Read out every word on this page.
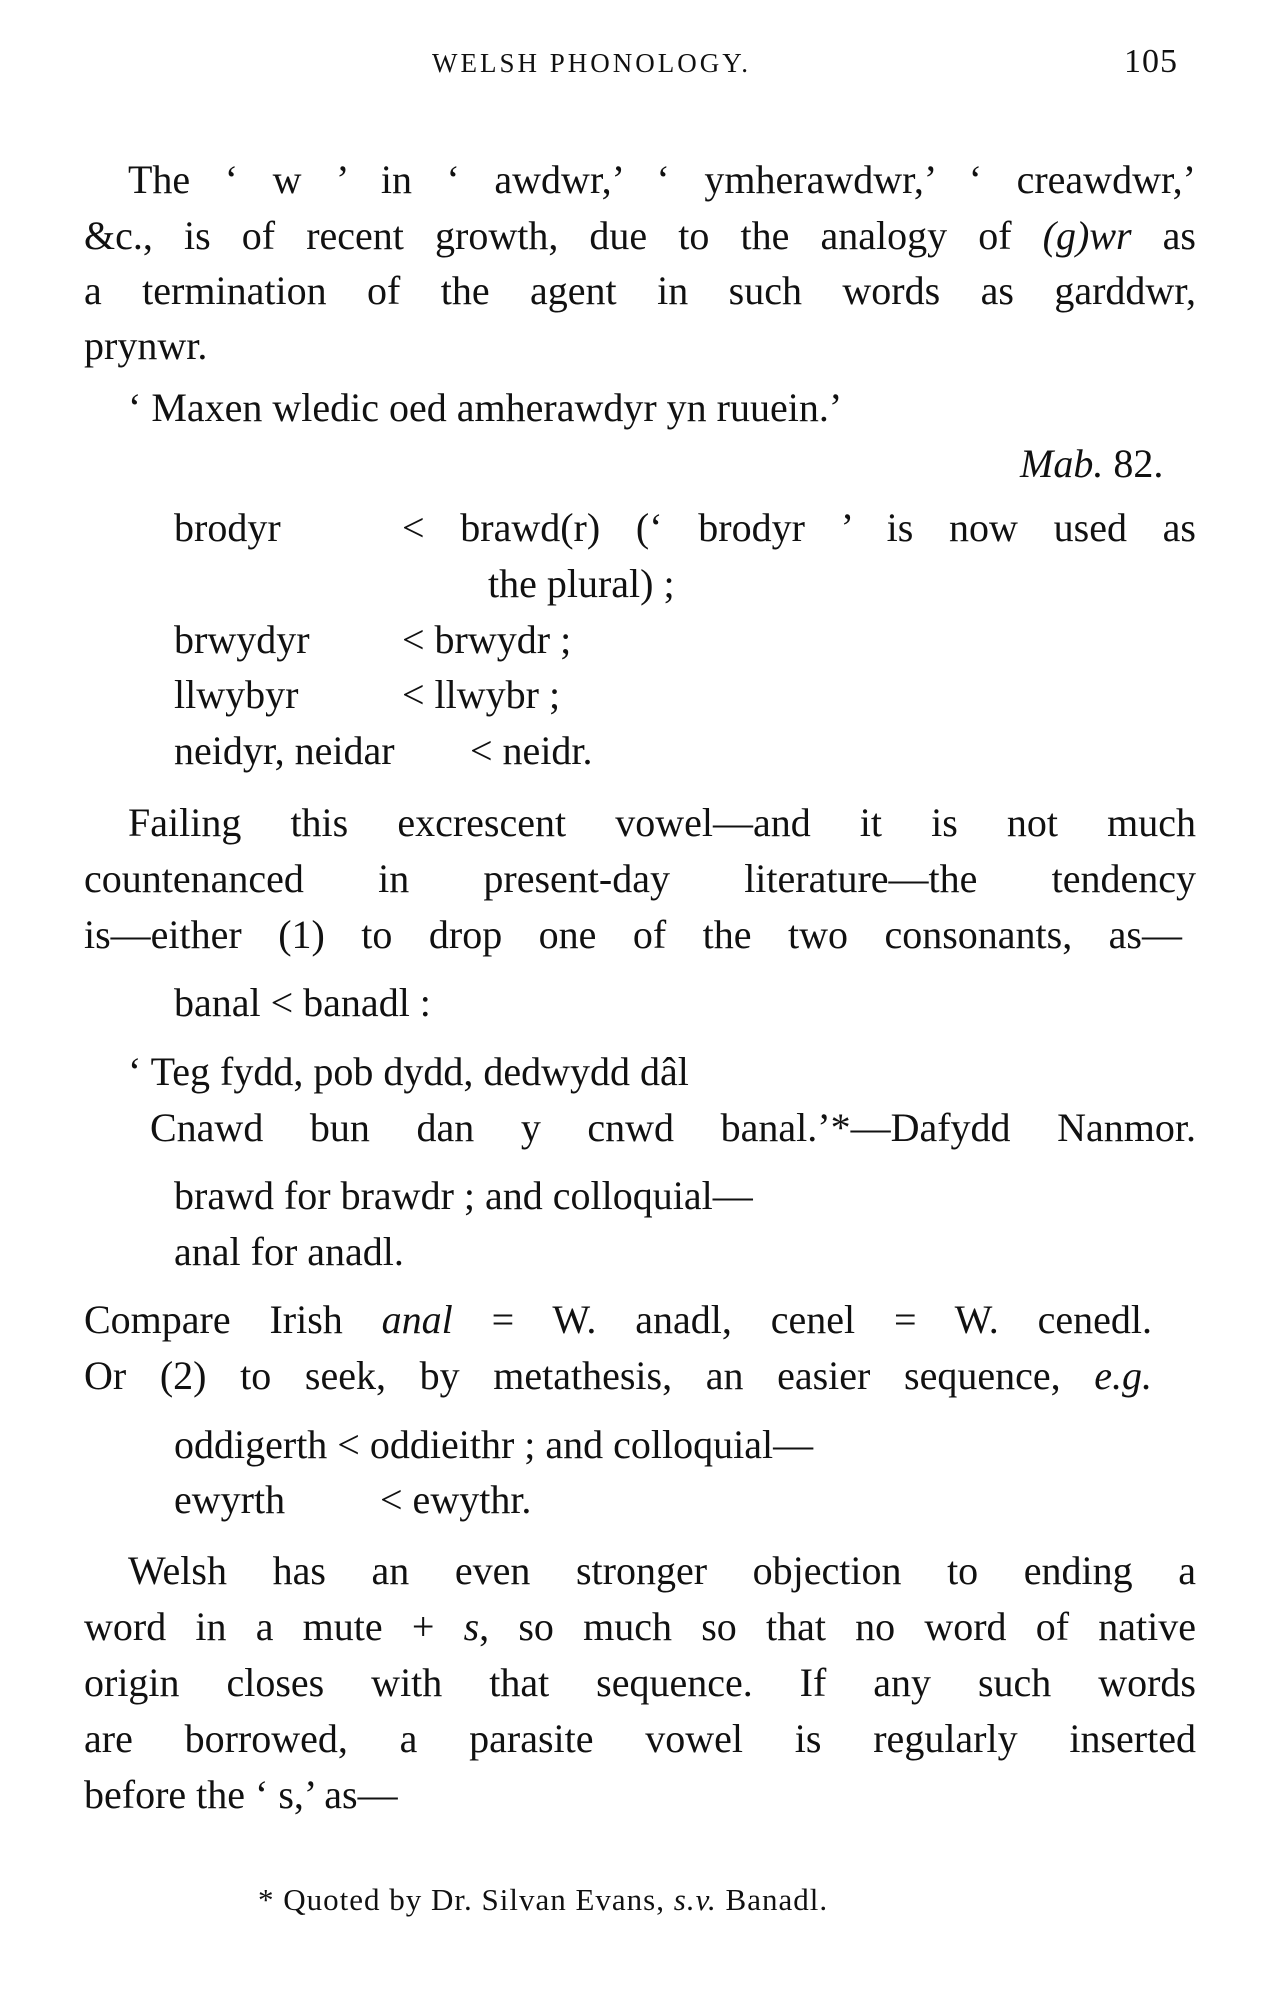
WELSH PHONOLOGY.	105
The ‘ w ’ in ‘ awdwr,’ ‘ ymherawdwr,’ ‘ creawdwr,’
&c., is of recent growth, due to the analogy of (g)wr as
a termination of the agent in such words as garddwr,
prynwr.
‘ Maxen wledic oed amherawdyr yn ruuein.’
Mab. 82.
brodyr	< brawd(r) (‘ brodyr ’ is now used as
the plural) ;
brwydyr < brwydr ;
llwybyr	< llwybr ;
neidyr, neidar < neidr.
Failing this excrescent vowel—and it is not much
countenanced in present-day literature—the tendency
is—either (1) to drop one of the two consonants, as—
banal < banadl :
‘ Teg fydd, pob dydd, dedwydd dâl
Cnawd bun dan y cnwd banal.’*—Dafydd Nanmor.
brawd for brawdr ; and colloquial—
anal for anadl.
Compare Irish anal = W. anadl, cenel = W. cenedl.
Or (2) to seek, by metathesis, an easier sequence, e.g.
oddigerth < oddieithr ; and colloquial—
ewyrth < ewythr.
Welsh has an even stronger objection to ending a
word in a mute + s, so much so that no word of native
origin closes with that sequence. If any such words
are borrowed, a parasite vowel is regularly inserted
before the ‘ s,’ as—
* Quoted by Dr. Silvan Evans, s.v. Banadl.
